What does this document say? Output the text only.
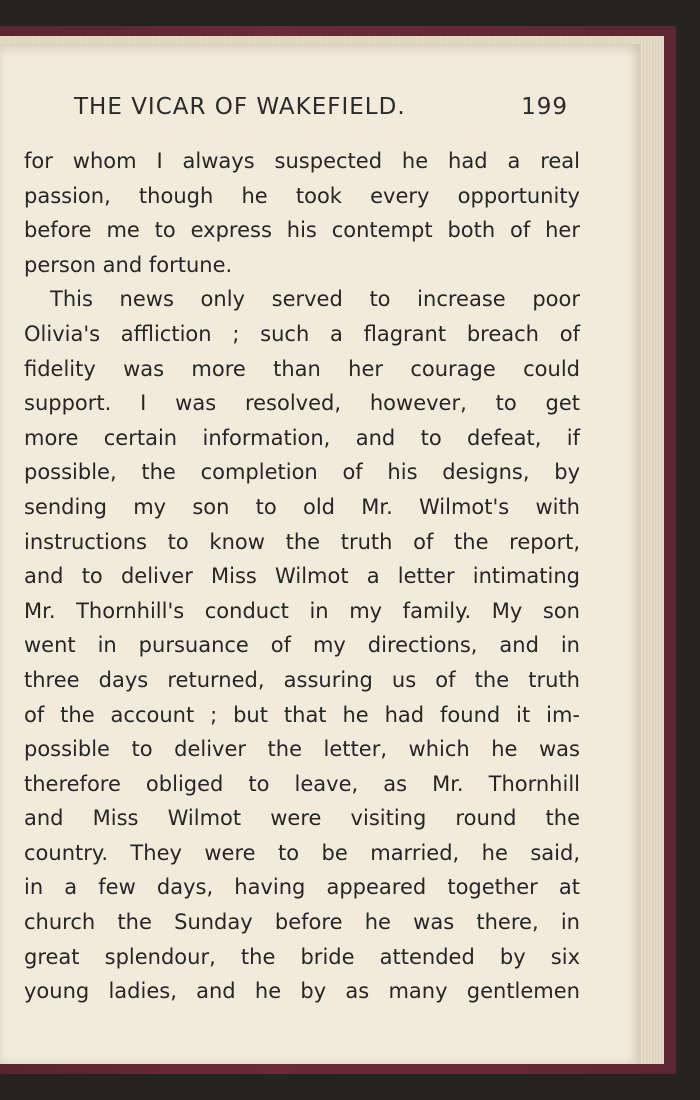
THE VICAR OF WAKEFIELD.	199
for whom I always suspected he had a real
passion, though he took every opportunity
before me to express his contempt both of her
person and fortune.
This news only served to increase poor
Olivia's affliction ; such a flagrant breach of
fidelity was more than her courage could
support. I was resolved, however, to get
more certain information, and to defeat, if
possible, the completion of his designs, by
sending my son to old Mr. Wilmot's with
instructions to know the truth of the report,
and to deliver Miss Wilmot a letter intimating
Mr. Thornhill's conduct in my family. My son
went in pursuance of my directions, and in
three days returned, assuring us of the truth
of the account ; but that he had found it im-
possible to deliver the letter, which he was
therefore obliged to leave, as Mr. Thornhill
and Miss Wilmot were visiting round the
country. They were to be married, he said,
in a few days, having appeared together at
church the Sunday before he was there, in
great splendour, the bride attended by six
young ladies, and he by as many gentlemen
